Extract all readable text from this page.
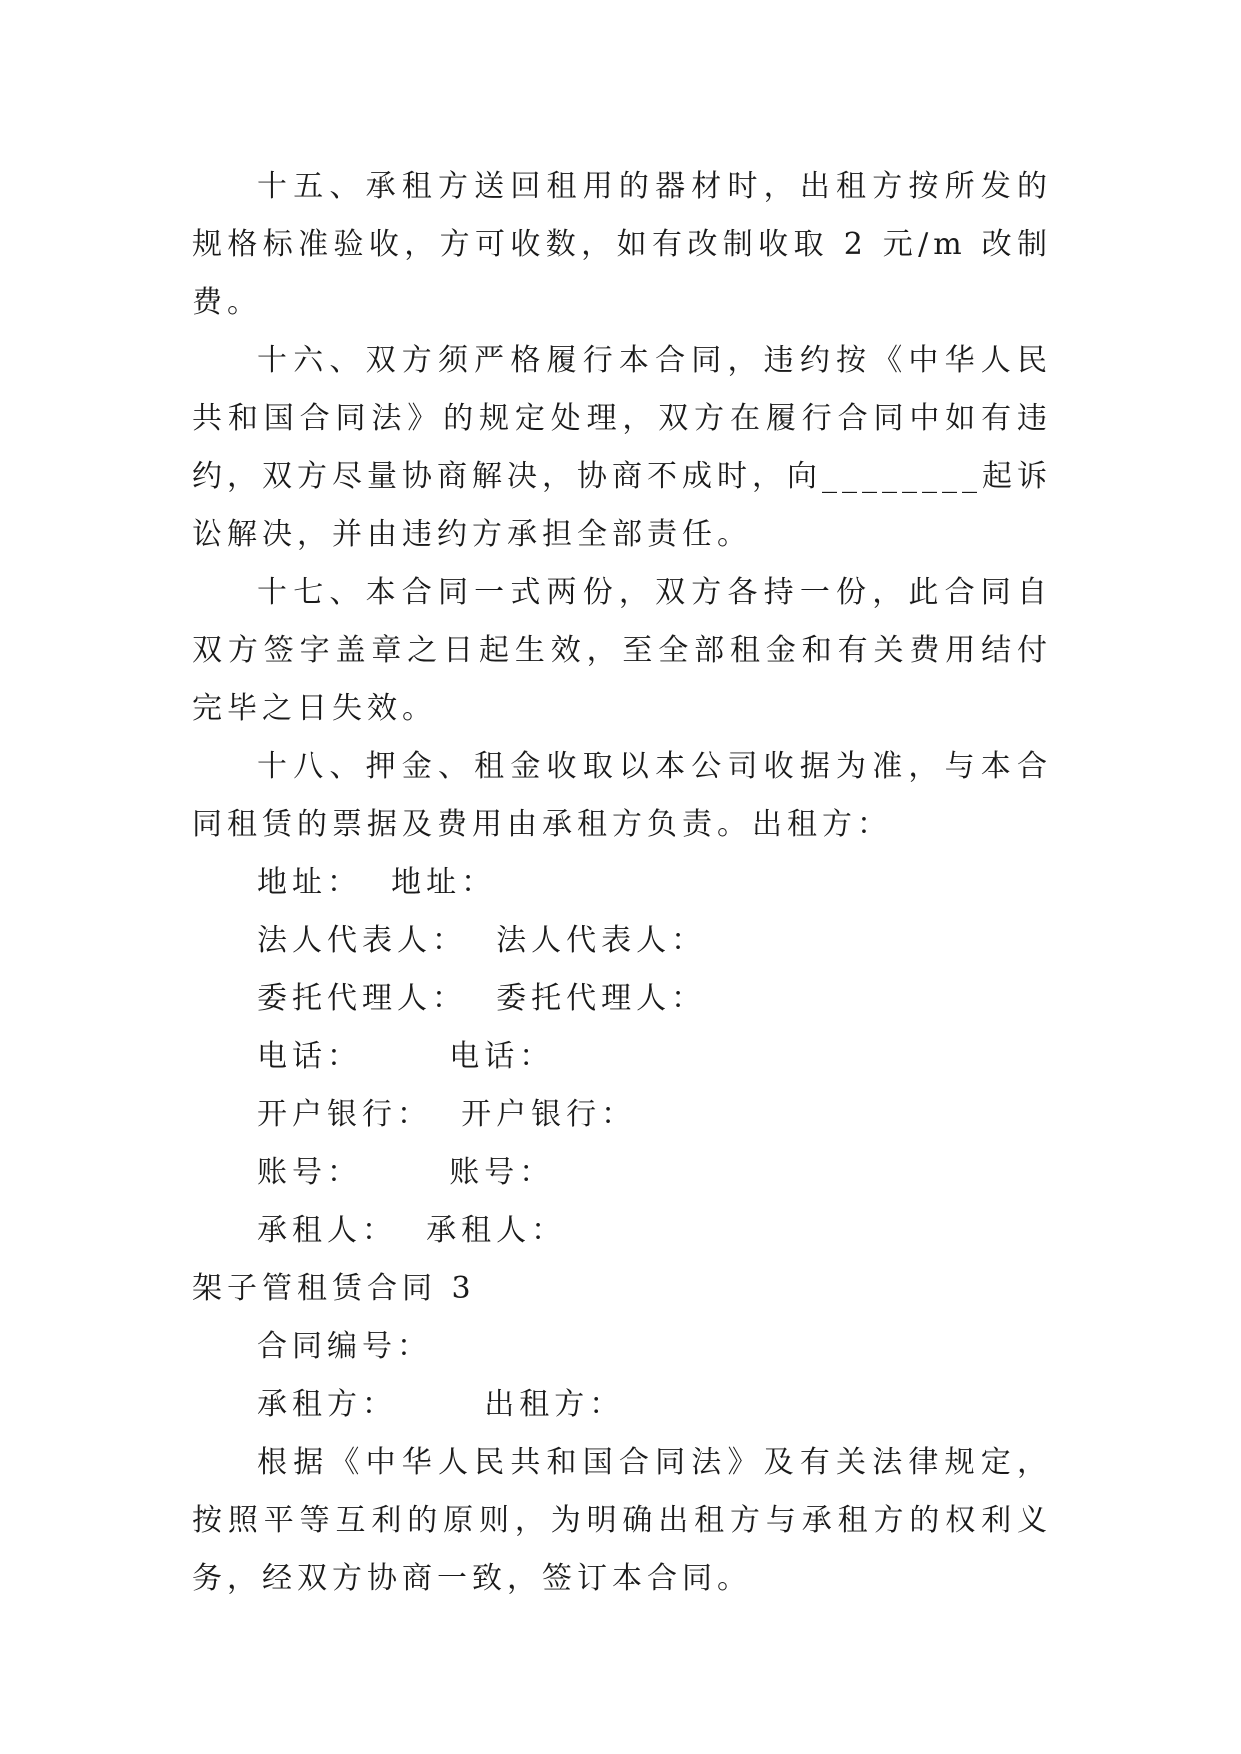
十五、承租方送回租用的器材时，出租方按所发的规格标准验收，方可收数，如有改制收取 2 元/m 改制费。

十六、双方须严格履行本合同，违约按《中华人民共和国合同法》的规定处理，双方在履行合同中如有违约，双方尽量协商解决，协商不成时，向________起诉讼解决，并由违约方承担全部责任。

十七、本合同一式两份，双方各持一份，此合同自双方签字盖章之日起生效，至全部租金和有关费用结付完毕之日失效。

十八、押金、租金收取以本公司收据为准，与本合同租赁的票据及费用由承租方负责。出租方：

地址：  地址：

法人代表人：  法人代表人：

委托代理人：  委托代理人：

电话：      电话：

开户银行：  开户银行：

账号：      账号：

承租人：  承租人：

架子管租赁合同 3

合同编号：

承租方：      出租方：

根据《中华人民共和国合同法》及有关法律规定，按照平等互利的原则，为明确出租方与承租方的权利义务，经双方协商一致，签订本合同。
